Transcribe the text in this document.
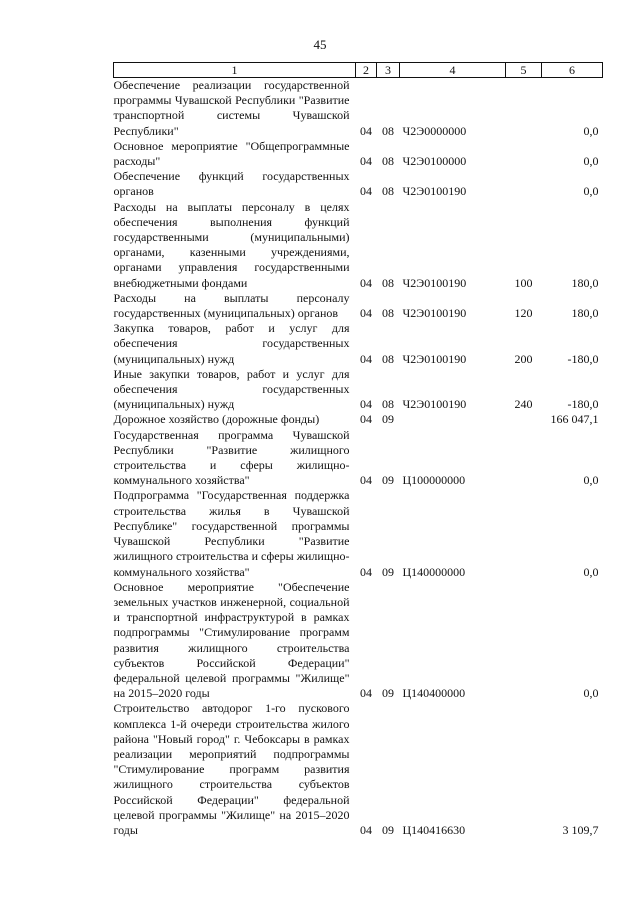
45
1	2	3	4	5	6
Обеспечение реализации государственной программы Чувашской Республики "Развитие транспортной системы Чувашской Республики"	04	08	Ч2Э0000000		0,0
Основное мероприятие "Общепрограммные расходы"	04	08	Ч2Э0100000		0,0
Обеспечение функций государственных органов	04	08	Ч2Э0100190		0,0
Расходы на выплаты персоналу в целях обеспечения выполнения функций государственными (муниципальными) органами, казенными учреждениями, органами управления государственными внебюджетными фондами	04	08	Ч2Э0100190	100	180,0
Расходы на выплаты персоналу государственных (муниципальных) органов	04	08	Ч2Э0100190	120	180,0
Закупка товаров, работ и услуг для обеспечения государственных (муниципальных) нужд	04	08	Ч2Э0100190	200	-180,0
Иные закупки товаров, работ и услуг для обеспечения государственных (муниципальных) нужд	04	08	Ч2Э0100190	240	-180,0
Дорожное хозяйство (дорожные фонды)	04	09			166 047,1
Государственная программа Чувашской Республики "Развитие жилищного строительства и сферы жилищно-коммунального хозяйства"	04	09	Ц100000000		0,0
Подпрограмма "Государственная поддержка строительства жилья в Чувашской Республике" государственной программы Чувашской Республики "Развитие жилищного строительства и сферы жилищно-коммунального хозяйства"	04	09	Ц140000000		0,0
Основное мероприятие "Обеспечение земельных участков инженерной, социальной и транспортной инфраструктурой в рамках подпрограммы "Стимулирование программ развития жилищного строительства субъектов Российской Федерации" федеральной целевой программы "Жилище" на 2015–2020 годы	04	09	Ц140400000		0,0
Строительство автодорог 1-го пускового комплекса 1-й очереди строительства жилого района "Новый город" г. Чебоксары в рамках реализации мероприятий подпрограммы "Стимулирование программ развития жилищного строительства субъектов Российской Федерации" федеральной целевой программы "Жилище" на 2015–2020 годы	04	09	Ц140416630		3 109,7
